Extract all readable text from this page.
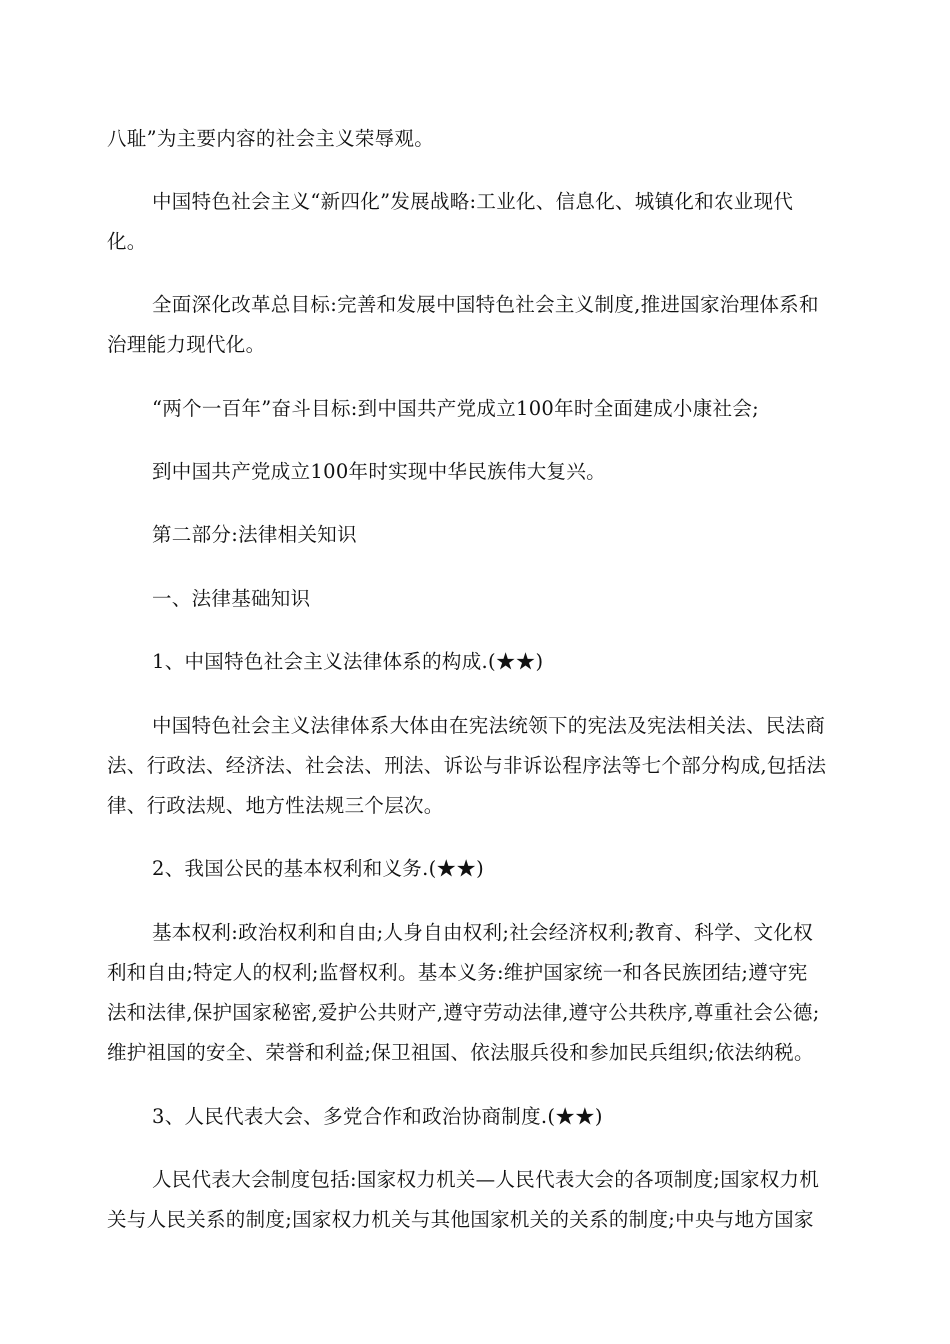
八耻”为主要内容的社会主义荣辱观。
中国特色社会主义“新四化”发展战略:工业化、信息化、城镇化和农业现代
化。
全面深化改革总目标:完善和发展中国特色社会主义制度,推进国家治理体系和
治理能力现代化。
“两个一百年”奋斗目标:到中国共产党成立100年时全面建成小康社会;
到中国共产党成立100年时实现中华民族伟大复兴。
第二部分:法律相关知识
一、法律基础知识
1、中国特色社会主义法律体系的构成.(★★)
中国特色社会主义法律体系大体由在宪法统领下的宪法及宪法相关法、民法商
法、行政法、经济法、社会法、刑法、诉讼与非诉讼程序法等七个部分构成,包括法
律、行政法规、地方性法规三个层次。
2、我国公民的基本权利和义务.(★★)
基本权利:政治权利和自由;人身自由权利;社会经济权利;教育、科学、文化权
利和自由;特定人的权利;监督权利。基本义务:维护国家统一和各民族团结;遵守宪
法和法律,保护国家秘密,爱护公共财产,遵守劳动法律,遵守公共秩序,尊重社会公德;
维护祖国的安全、荣誉和利益;保卫祖国、依法服兵役和参加民兵组织;依法纳税。
3、人民代表大会、多党合作和政治协商制度.(★★)
人民代表大会制度包括:国家权力机关—人民代表大会的各项制度;国家权力机
关与人民关系的制度;国家权力机关与其他国家机关的关系的制度;中央与地方国家
